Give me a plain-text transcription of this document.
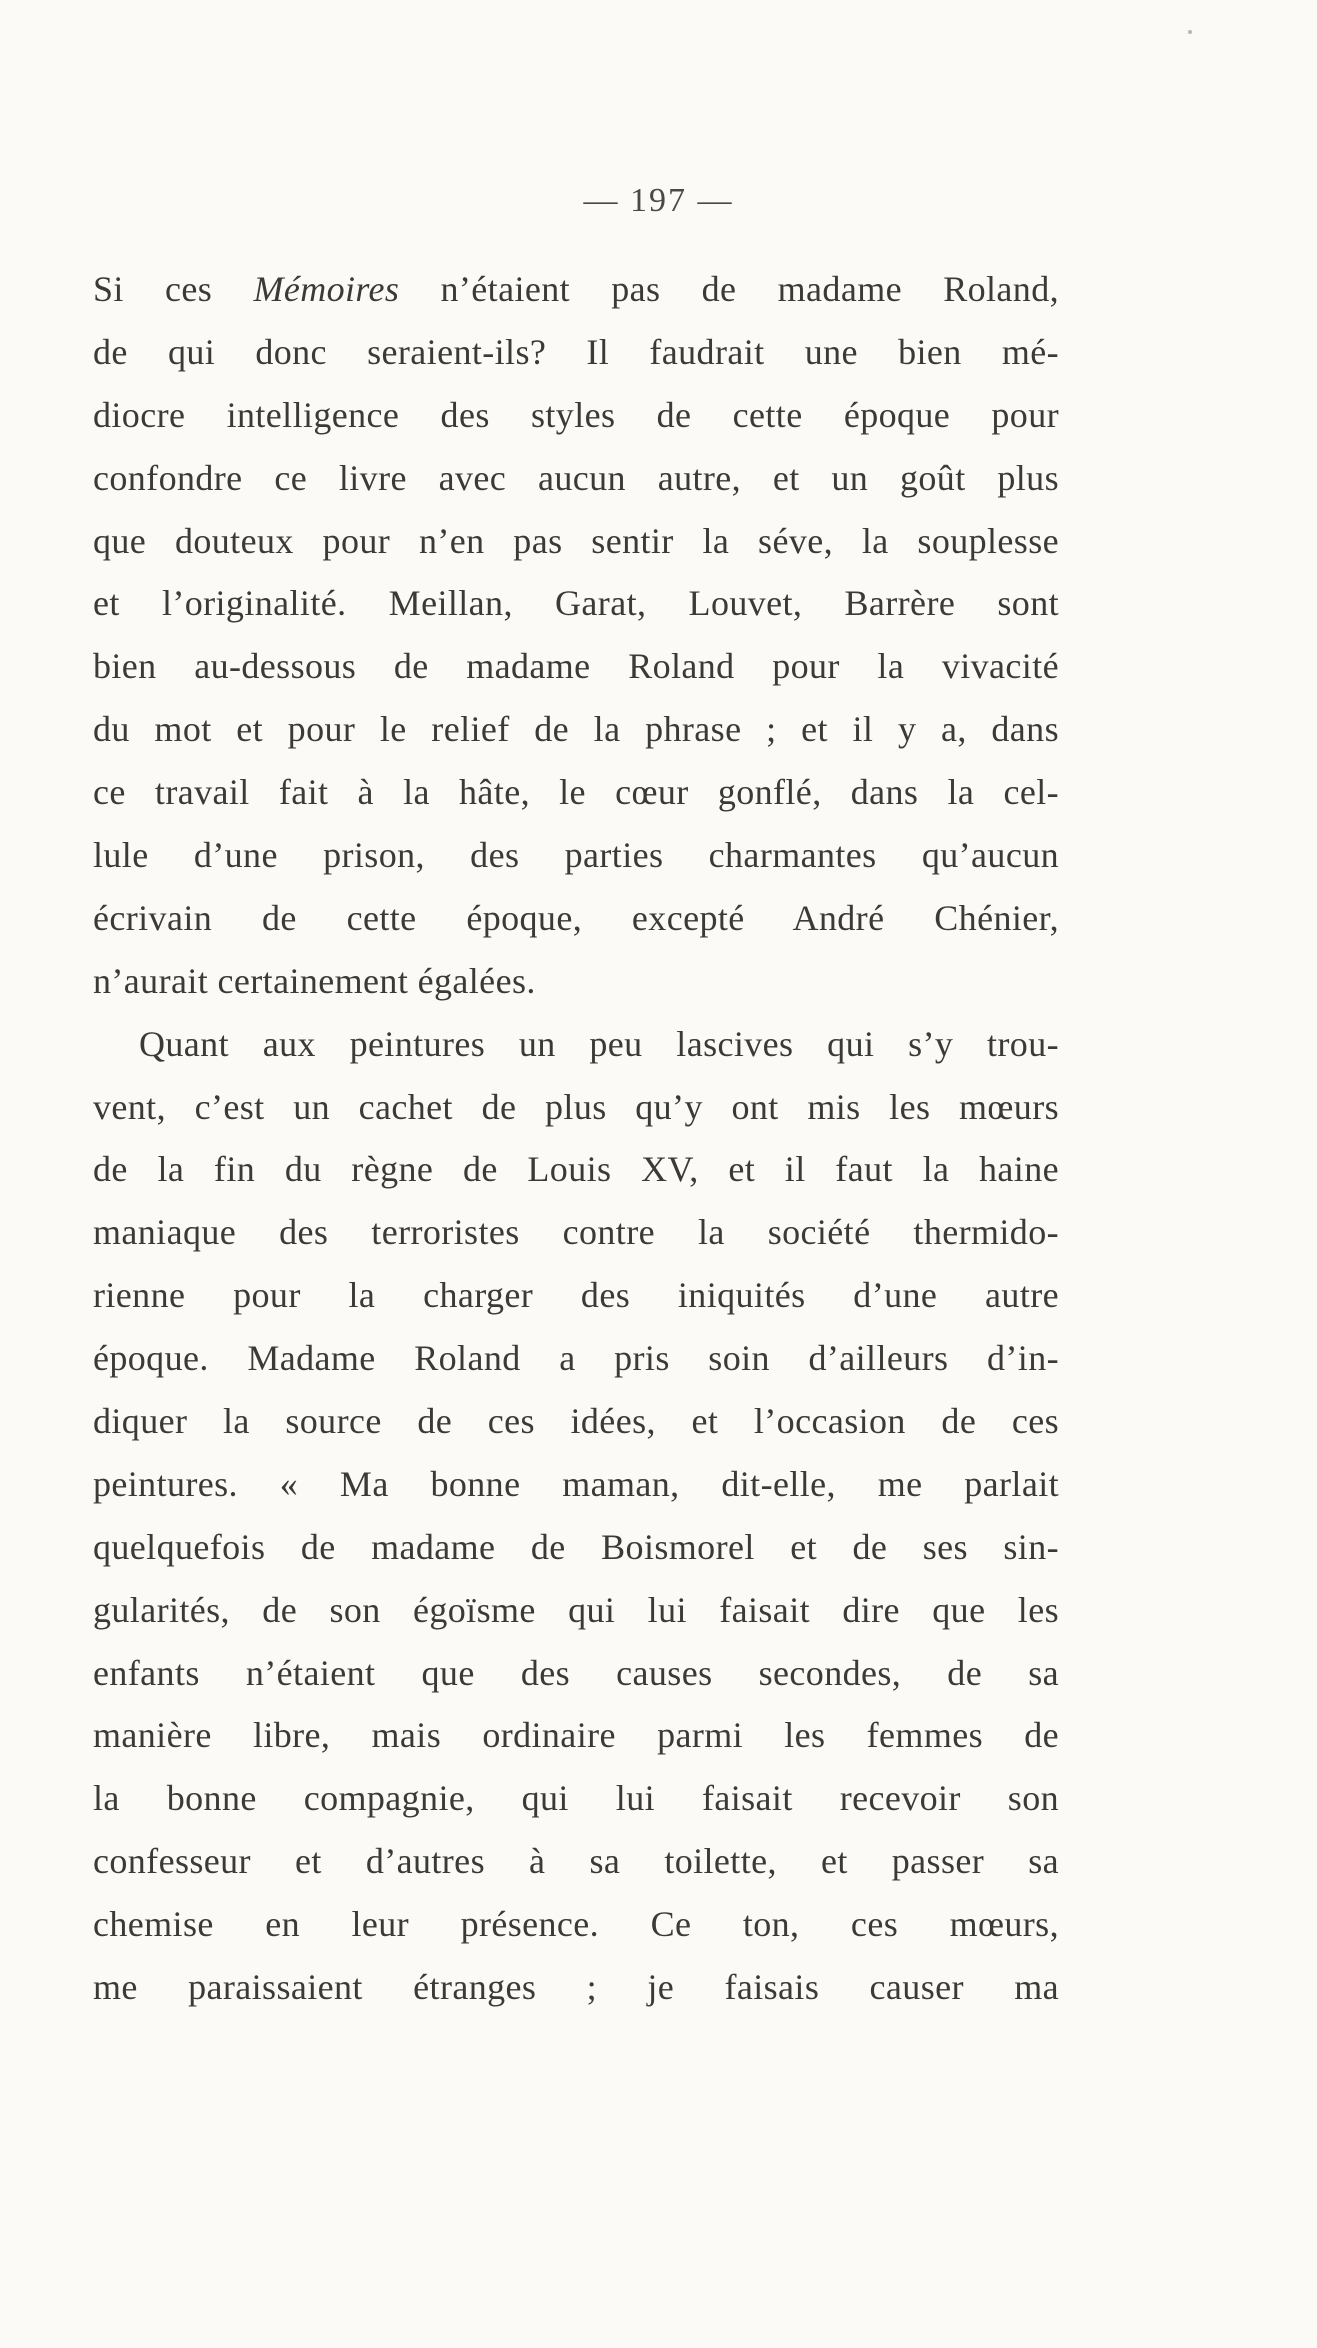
— 197 —
Si ces Mémoires n’étaient pas de madame Roland,
de qui donc seraient-ils? Il faudrait une bien mé-
diocre intelligence des styles de cette époque pour
confondre ce livre avec aucun autre, et un goût plus
que douteux pour n’en pas sentir la séve, la souplesse
et l’originalité. Meillan, Garat, Louvet, Barrère sont
bien au-dessous de madame Roland pour la vivacité
du mot et pour le relief de la phrase ; et il y a, dans
ce travail fait à la hâte, le cœur gonflé, dans la cel-
lule d’une prison, des parties charmantes qu’aucun
écrivain de cette époque, excepté André Chénier,
n’aurait certainement égalées.
Quant aux peintures un peu lascives qui s’y trou-
vent, c’est un cachet de plus qu’y ont mis les mœurs
de la fin du règne de Louis XV, et il faut la haine
maniaque des terroristes contre la société thermido-
rienne pour la charger des iniquités d’une autre
époque. Madame Roland a pris soin d’ailleurs d’in-
diquer la source de ces idées, et l’occasion de ces
peintures. « Ma bonne maman, dit-elle, me parlait
quelquefois de madame de Boismorel et de ses sin-
gularités, de son égoïsme qui lui faisait dire que les
enfants n’étaient que des causes secondes, de sa
manière libre, mais ordinaire parmi les femmes de
la bonne compagnie, qui lui faisait recevoir son
confesseur et d’autres à sa toilette, et passer sa
chemise en leur présence. Ce ton, ces mœurs,
me paraissaient étranges ; je faisais causer ma
